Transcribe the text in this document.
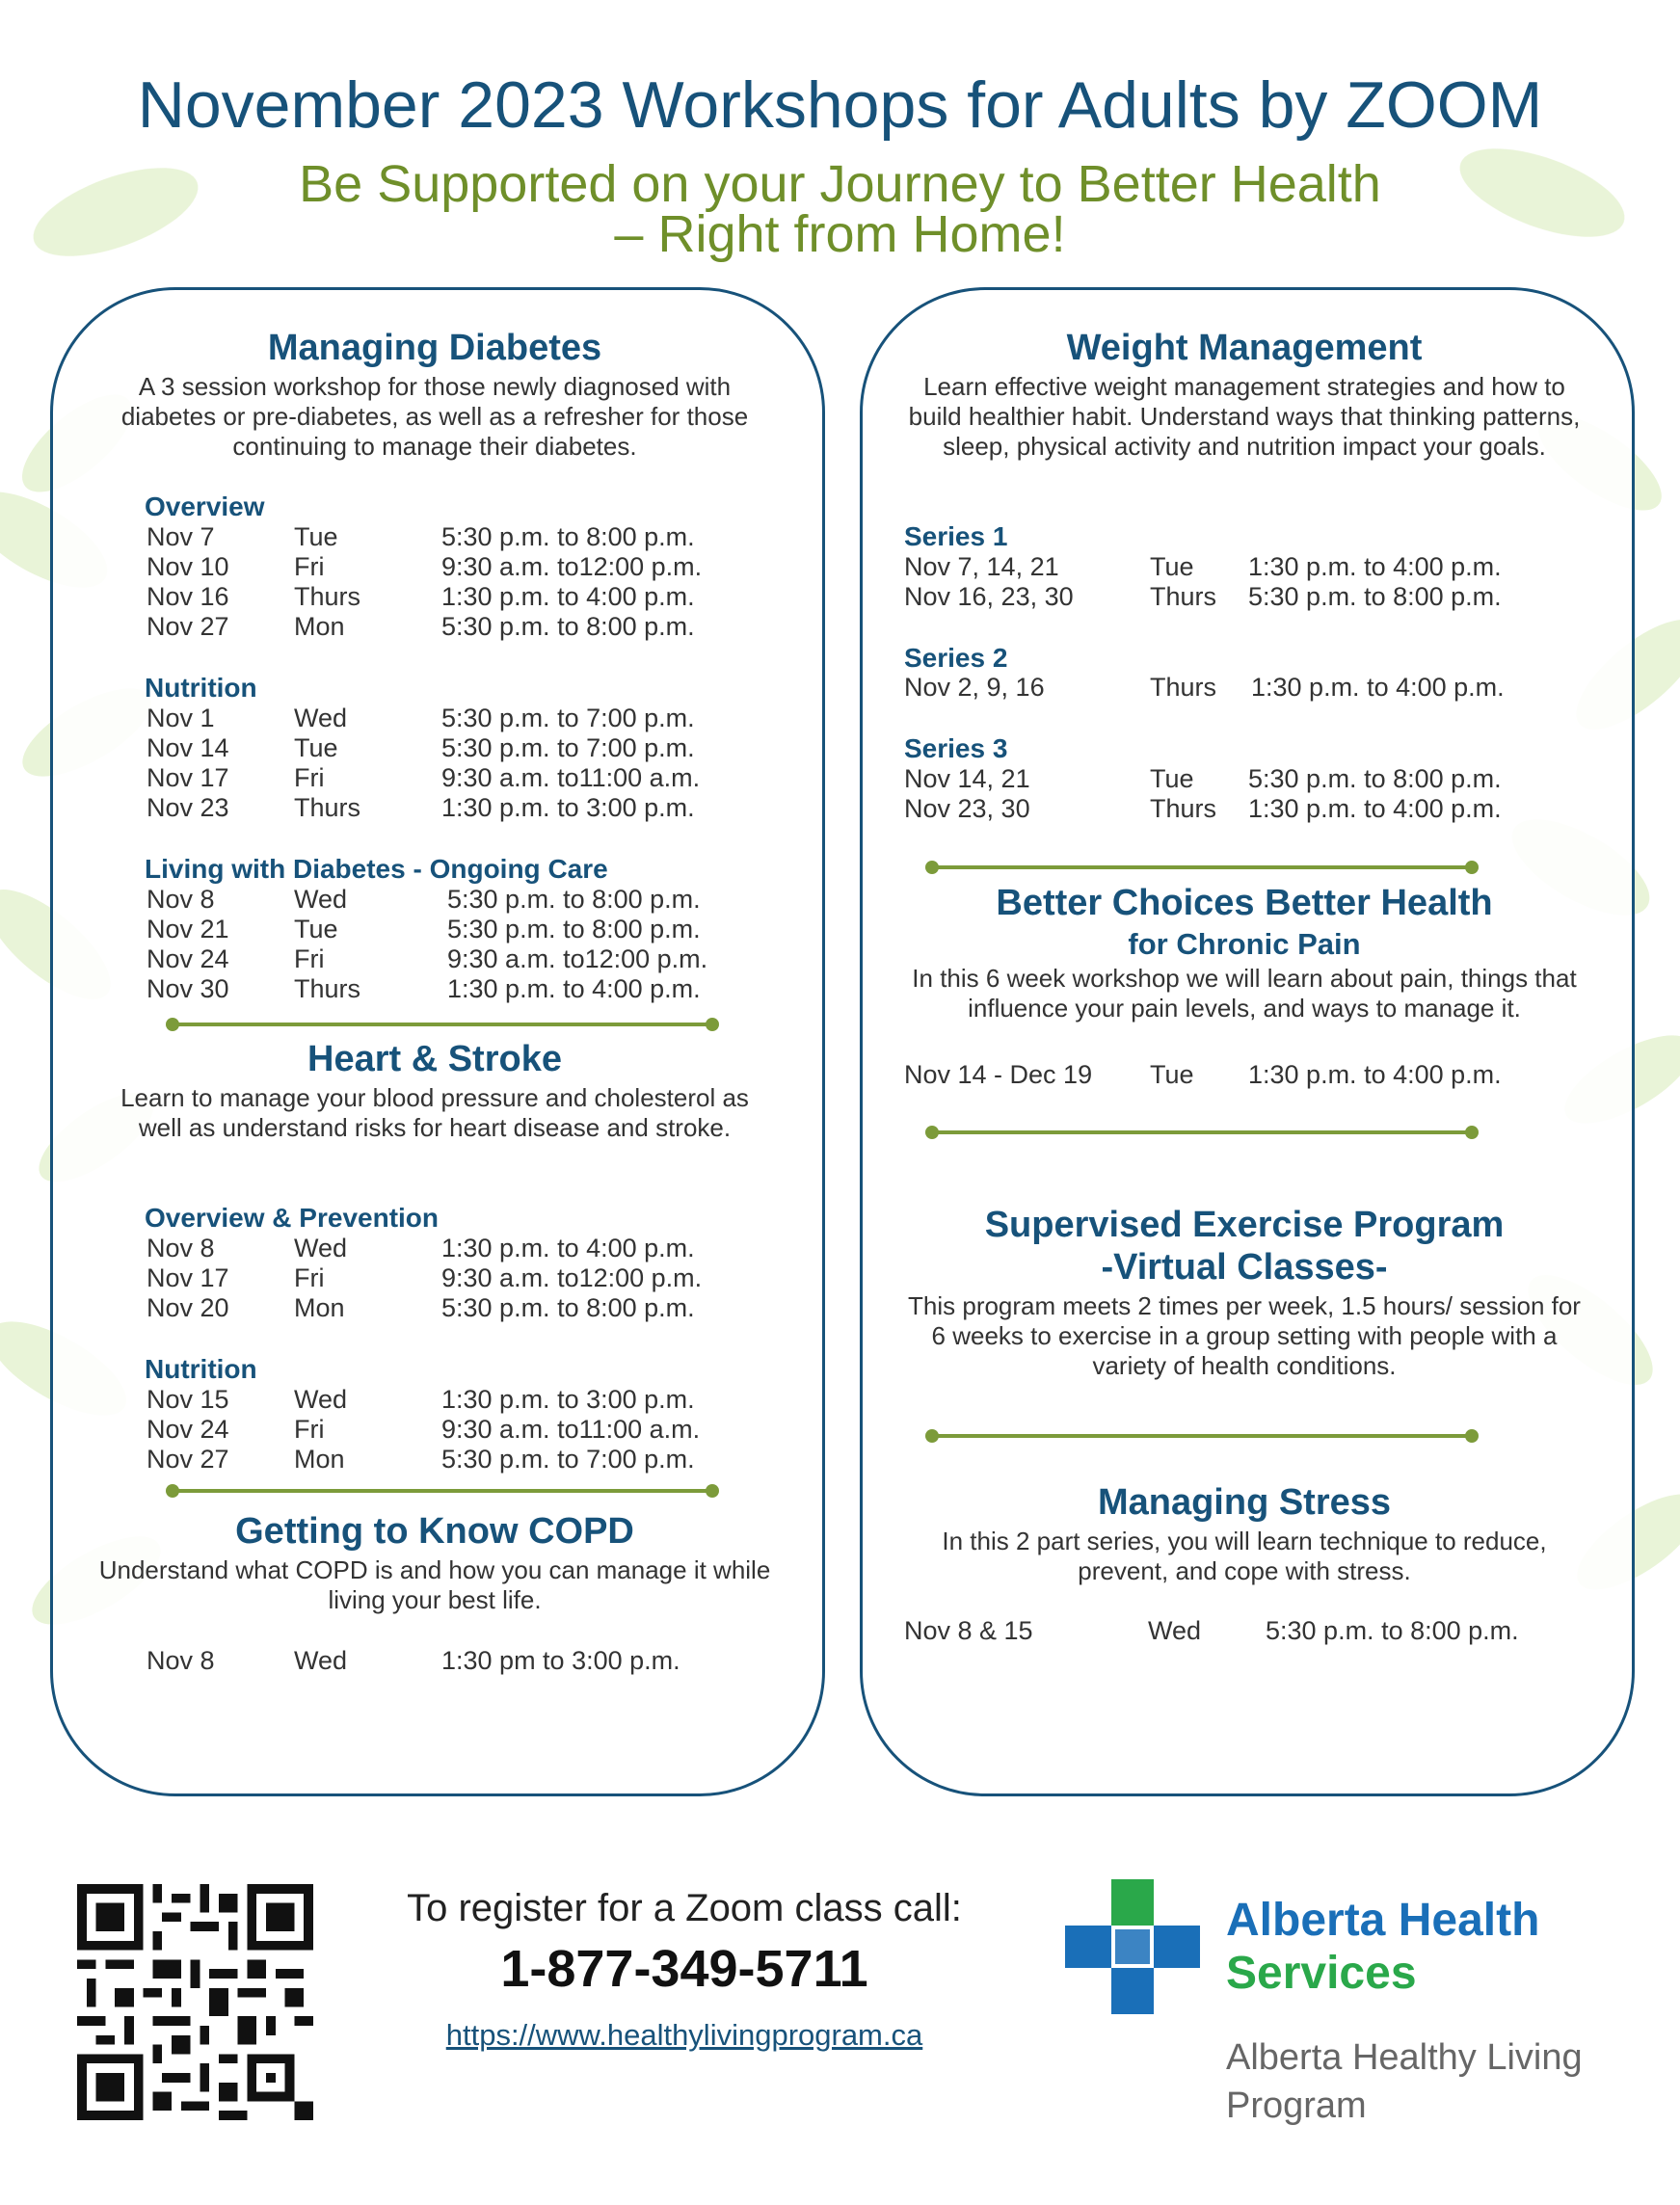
November 2023 Workshops for Adults by ZOOM
Be Supported on your Journey to Better Health
– Right from Home!
Managing Diabetes
A 3 session workshop for those newly diagnosed with diabetes or pre-diabetes, as well as a refresher for those continuing to manage their diabetes.
Overview
Nov 7	Tue	5:30 p.m. to 8:00 p.m.
Nov 10 Fri	9:30 a.m. to12:00 p.m.
Nov 16 Thurs	1:30 p.m. to 4:00 p.m.
Nov 27 Mon	5:30 p.m. to 8:00 p.m.
Nutrition
Nov 1	Wed	5:30 p.m. to 7:00 p.m.
Nov 14 Tue	5:30 p.m. to 7:00 p.m.
Nov 17 Fri	9:30 a.m. to11:00 a.m.
Nov 23 Thurs	1:30 p.m. to 3:00 p.m.
Living with Diabetes - Ongoing Care
Nov 8	Wed	5:30 p.m. to 8:00 p.m.
Nov 21 Tue	5:30 p.m. to 8:00 p.m.
Nov 24 Fri	9:30 a.m. to12:00 p.m.
Nov 30 Thurs	1:30 p.m. to 4:00 p.m.
Heart & Stroke
Learn to manage your blood pressure and cholesterol as well as understand risks for heart disease and stroke.
Overview & Prevention
Nov 8	Wed	1:30 p.m. to 4:00 p.m.
Nov 17 Fri	9:30 a.m. to12:00 p.m.
Nov 20 Mon	5:30 p.m. to 8:00 p.m.
Nutrition
Nov 15 Wed	1:30 p.m. to 3:00 p.m.
Nov 24 Fri	9:30 a.m. to11:00 a.m.
Nov 27 Mon	5:30 p.m. to 7:00 p.m.
Getting to Know COPD
Understand what COPD is and how you can manage it while living your best life.
Nov 8	Wed	1:30 pm to 3:00 p.m.
Weight Management
Learn effective weight management strategies and how to build healthier habit. Understand ways that thinking patterns, sleep, physical activity and nutrition impact your goals.
Series 1
Nov 7, 14, 21	Tue 1:30 p.m. to 4:00 p.m.
Nov 16, 23, 30	Thurs 5:30 p.m. to 8:00 p.m.
Series 2
Nov 2, 9, 16	Thurs 1:30 p.m. to 4:00 p.m.
Series 3
Nov 14, 21	Tue 5:30 p.m. to 8:00 p.m.
Nov 23, 30	Thurs 1:30 p.m. to 4:00 p.m.
Better Choices Better Health
for Chronic Pain
In this 6 week workshop we will learn about pain, things that influence your pain levels, and ways to manage it.
Nov 14 - Dec 19 Tue 1:30 p.m. to 4:00 p.m.
Supervised Exercise Program
-Virtual Classes-
This program meets 2 times per week, 1.5 hours/ session for 6 weeks to exercise in a group setting with people with a variety of health conditions.
Managing Stress
In this 2 part series, you will learn technique to reduce, prevent, and cope with stress.
Nov 8 & 15	Wed 5:30 p.m. to 8:00 p.m.
To register for a Zoom class call:
1-877-349-5711
https://www.healthylivingprogram.ca
Alberta Health
Services
Alberta Healthy Living Program
